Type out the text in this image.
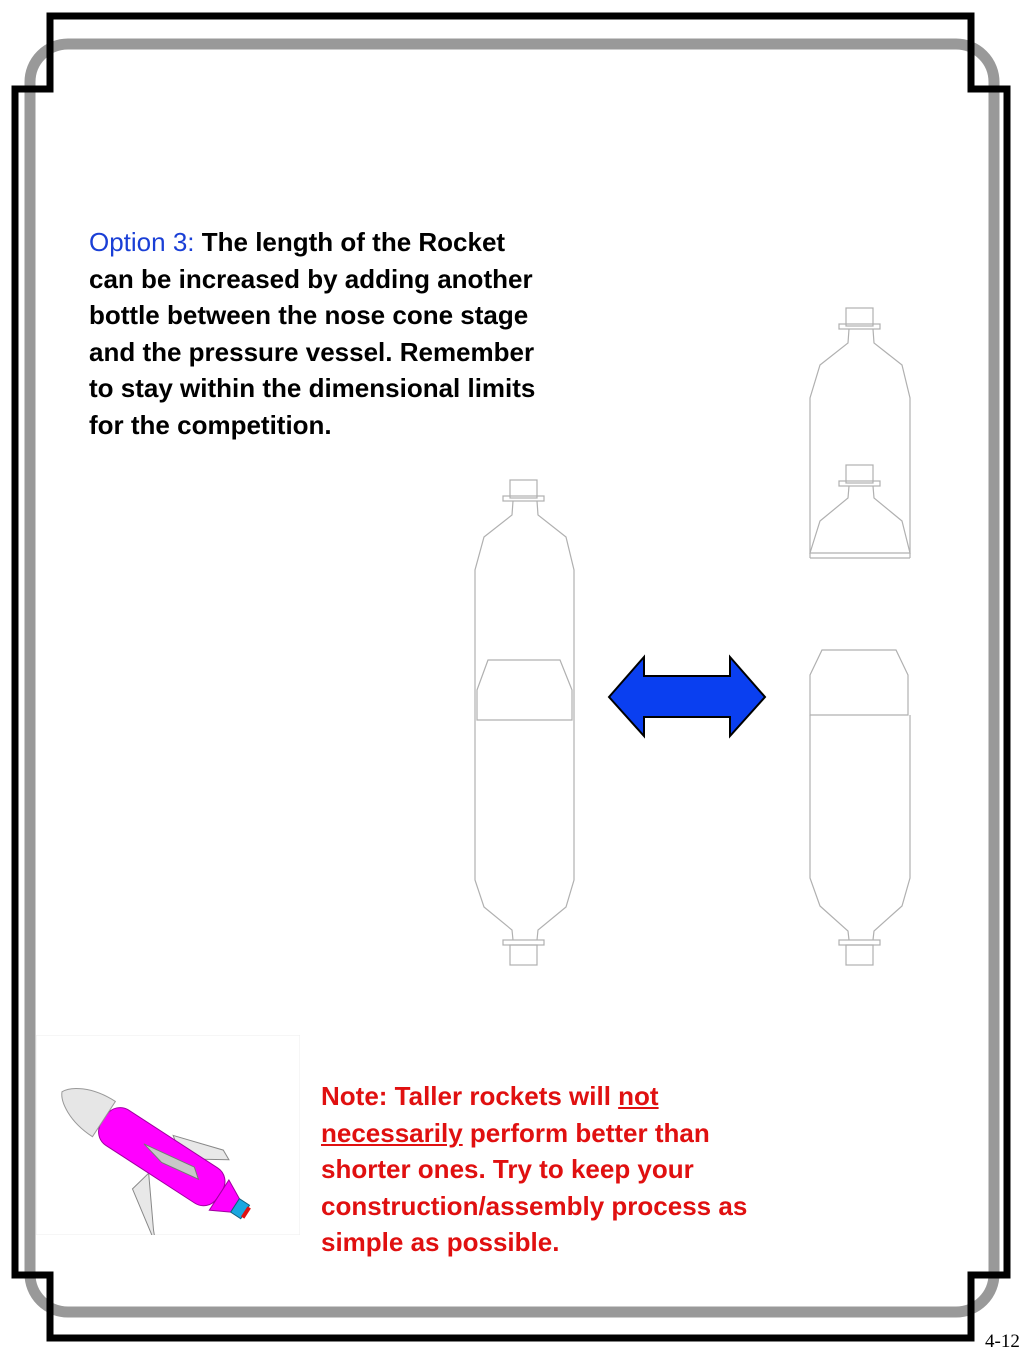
Option 3: The length of the Rocket
can be increased by adding another
bottle between the nose cone stage
and the pressure vessel. Remember
to stay within the dimensional limits
for the competition.
Note: Taller rockets will not
necessarily perform better than
shorter ones. Try to keep your
construction/assembly process as
simple as possible.
4-12
